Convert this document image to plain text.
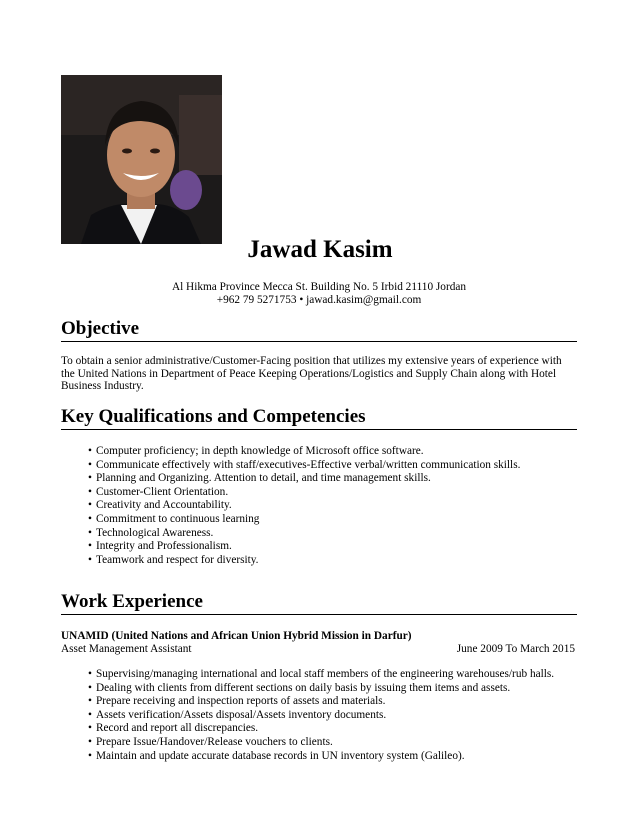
Jawad Kasim
Al Hikma Province Mecca St. Building No. 5 Irbid 21110 Jordan
+962 79 5271753 • jawad.kasim@gmail.com
Objective
To obtain a senior administrative/Customer-Facing position that utilizes my extensive years of experience with the United Nations in Department of Peace Keeping Operations/Logistics and Supply Chain along with Hotel Business Industry.
Key Qualifications and Competencies
• Computer proficiency; in depth knowledge of Microsoft office software.
• Communicate effectively with staff/executives-Effective verbal/written communication skills.
• Planning and Organizing. Attention to detail, and time management skills.
• Customer-Client Orientation.
• Creativity and Accountability.
• Commitment to continuous learning
• Technological Awareness.
• Integrity and Professionalism.
• Teamwork and respect for diversity.
Work Experience
UNAMID (United Nations and African Union Hybrid Mission in Darfur)
Asset Management Assistant	June 2009 To March 2015
• Supervising/managing international and local staff members of the engineering warehouses/rub halls.
• Dealing with clients from different sections on daily basis by issuing them items and assets.
• Prepare receiving and inspection reports of assets and materials.
• Assets verification/Assets disposal/Assets inventory documents.
• Record and report all discrepancies.
• Prepare Issue/Handover/Release vouchers to clients.
• Maintain and update accurate database records in UN inventory system (Galileo).
